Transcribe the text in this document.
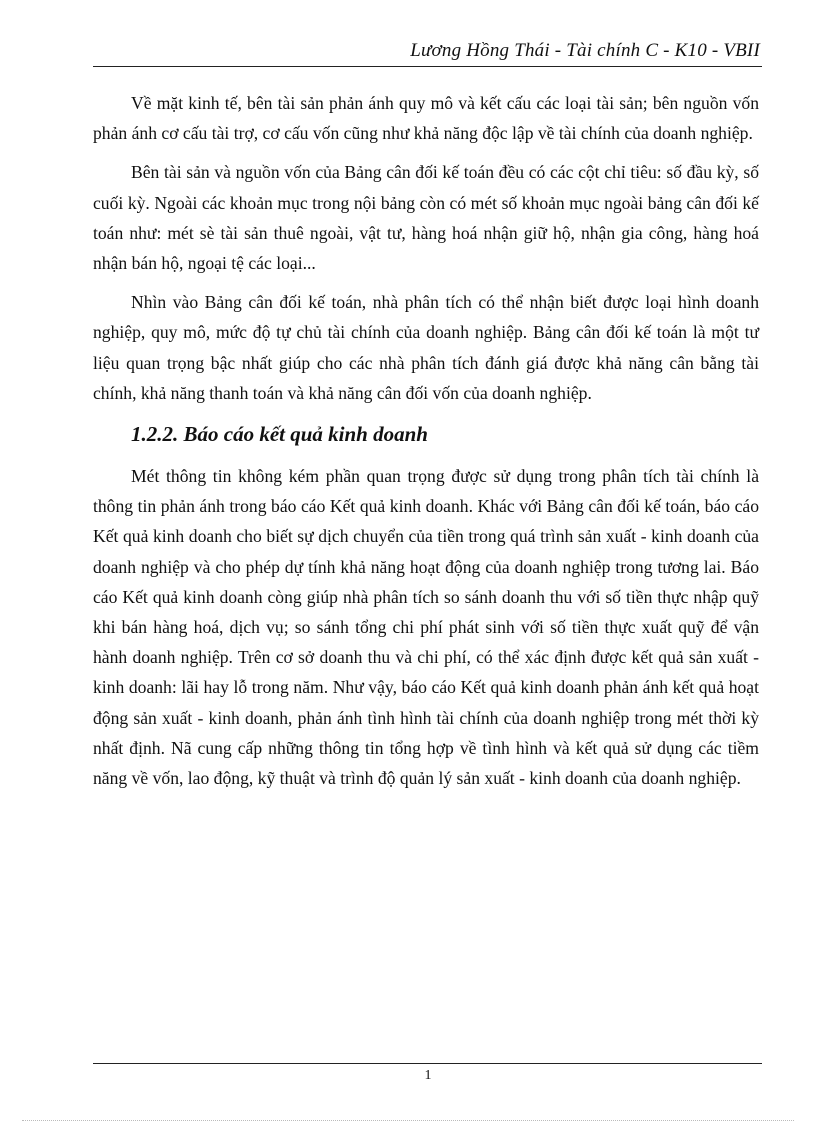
Lương Hồng Thái - Tài chính C - K10 - VBII

Về mặt kinh tế, bên tài sản phản ánh quy mô và kết cấu các loại tài sản; bên nguồn vốn phản ánh cơ cấu tài trợ, cơ cấu vốn cũng như khả năng độc lập về tài chính của doanh nghiệp.

Bên tài sản và nguồn vốn của Bảng cân đối kế toán đều có các cột chỉ tiêu: số đầu kỳ, số cuối kỳ. Ngoài các khoản mục trong nội bảng còn có mét số khoản mục ngoài bảng cân đối kế toán như: mét sè tài sản thuê ngoài, vật tư, hàng hoá nhận giữ hộ, nhận gia công, hàng hoá nhận bán hộ, ngoại tệ các loại...

Nhìn vào Bảng cân đối kế toán, nhà phân tích có thể nhận biết được loại hình doanh nghiệp, quy mô, mức độ tự chủ tài chính của doanh nghiệp. Bảng cân đối kế toán là một tư liệu quan trọng bậc nhất giúp cho các nhà phân tích đánh giá được khả năng cân bằng tài chính, khả năng thanh toán và khả năng cân đối vốn của doanh nghiệp.

1.2.2. Báo cáo kết quả kinh doanh

Mét thông tin không kém phần quan trọng được sử dụng trong phân tích tài chính là thông tin phản ánh trong báo cáo Kết quả kinh doanh. Khác với Bảng cân đối kế toán, báo cáo Kết quả kinh doanh cho biết sự dịch chuyển của tiền trong quá trình sản xuất - kinh doanh của doanh nghiệp và cho phép dự tính khả năng hoạt động của doanh nghiệp trong tương lai. Báo cáo Kết quả kinh doanh còng giúp nhà phân tích so sánh doanh thu với số tiền thực nhập quỹ khi bán hàng hoá, dịch vụ; so sánh tổng chi phí phát sinh với số tiền thực xuất quỹ để vận hành doanh nghiệp. Trên cơ sở doanh thu và chi phí, có thể xác định được kết quả sản xuất - kinh doanh: lãi hay lỗ trong năm. Như vậy, báo cáo Kết quả kinh doanh phản ánh kết quả hoạt động sản xuất - kinh doanh, phản ánh tình hình tài chính của doanh nghiệp trong mét thời kỳ nhất định. Nã cung cấp những thông tin tổng hợp về tình hình và kết quả sử dụng các tiềm năng về vốn, lao động, kỹ thuật và trình độ quản lý sản xuất - kinh doanh của doanh nghiệp.

1
